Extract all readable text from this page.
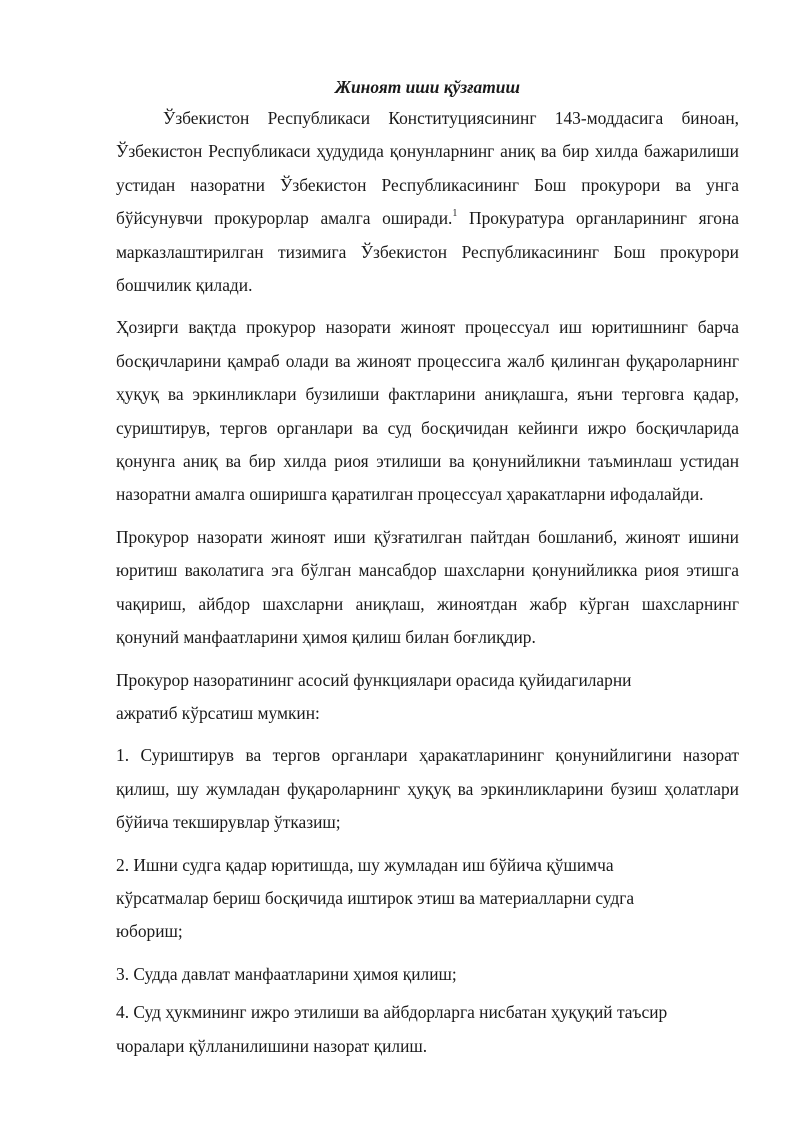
Жиноят иши қўзғатиш

Ўзбекистон Республикаси Конституциясининг 143-моддасига биноан, Ўзбекистон Республикаси ҳудудида қонунларнинг аниқ ва бир хилда бажарилиши устидан назоратни Ўзбекистон Республикасининг Бош прокурори ва унга бўйсунувчи прокурорлар амалга оширади.$^1$ Прокуратура органларининг ягона марказлаштирилган тизимига Ўзбекистон Республикасининг Бош прокурори бошчилик қилади.

Ҳозирги вақтда прокурор назорати жиноят процессуал иш юритишнинг барча босқичларини қамраб олади ва жиноят процессига жалб қилинган фуқароларнинг ҳуқуқ ва эркинликлари бузилиши фактларини аниқлашга, яъни терговга қадар, суриштирув, тергов органлари ва суд босқичидан кейинги ижро босқичларида қонунга аниқ ва бир хилда риоя этилиши ва қонунийликни таъминлаш устидан назоратни амалга оширишга қаратилган процессуал ҳаракатларни ифодалайди.

Прокурор назорати жиноят иши қўзғатилган пайтдан бошланиб, жиноят ишини юритиш ваколатига эга бўлган мансабдор шахсларни қонунийликка риоя этишга чақириш, айбдор шахсларни аниқлаш, жиноятдан жабр кўрган шахсларнинг қонуний манфаатларини ҳимоя қилиш билан боғлиқдир.

Прокурор назоратининг асосий функциялари орасида қуйидагиларни
ажратиб кўрсатиш мумкин:

1. Суриштирув ва тергов органлари ҳаракатларининг қонунийлигини назорат қилиш, шу жумладан фуқароларнинг ҳуқуқ ва эркинликларини бузиш ҳолатлари бўйича текширувлар ўтказиш;

2. Ишни судга қадар юритишда, шу жумладан иш бўйича қўшимча
кўрсатмалар бериш босқичида иштирок этиш ва материалларни судга
юбориш;

3. Судда давлат манфаатларини ҳимоя қилиш;

4. Суд ҳукмининг ижро этилиши ва айбдорларга нисбатан ҳуқуқий таъсир
чоралари қўлланилишини назорат қилиш.
